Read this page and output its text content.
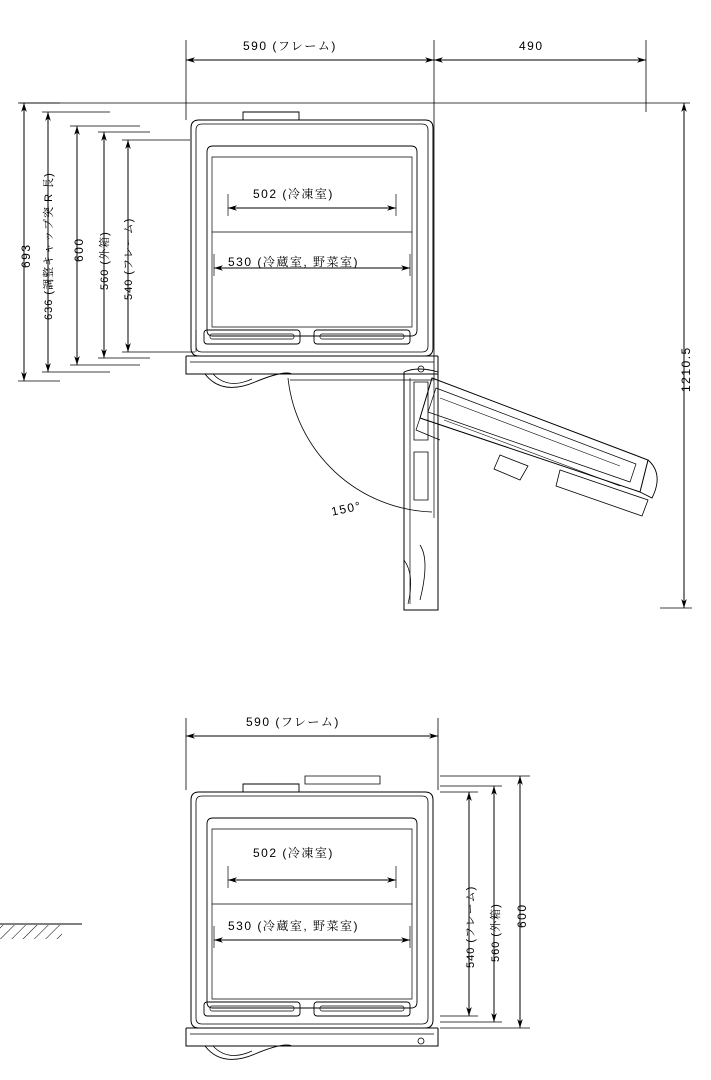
590 (フレーム)	490
693 636 (調整キャップ突 R 長) 600 560 (外箱) 540 (フレーム)
502 (冷凍室)
530 (冷蔵室, 野菜室)
1210.5
150°
590 (フレーム)
502 (冷凍室)
530 (冷蔵室, 野菜室)	540 (フレーム) 560 (外箱) 600
